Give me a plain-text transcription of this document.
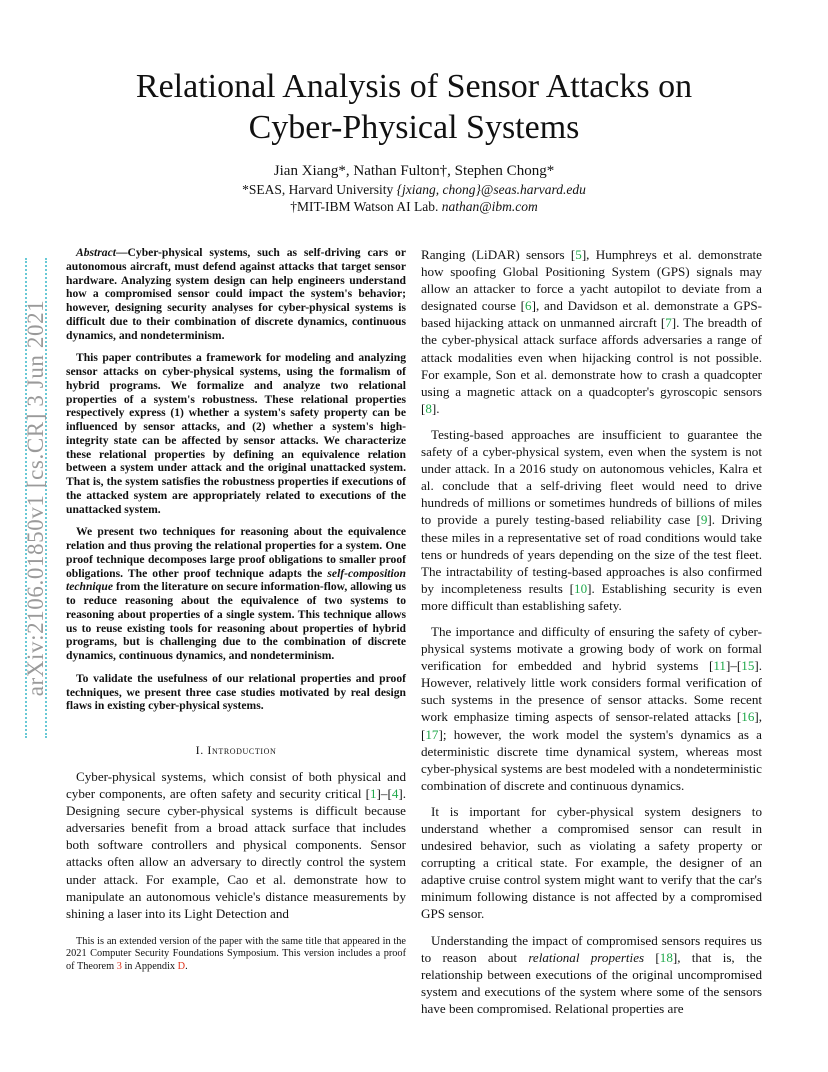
arXiv:2106.01850v1 [cs.CR] 3 Jun 2021
Relational Analysis of Sensor Attacks on
Cyber-Physical Systems
Jian Xiang*, Nathan Fulton†, Stephen Chong*
*SEAS, Harvard University {jxiang, chong}@seas.harvard.edu
†MIT-IBM Watson AI Lab. nathan@ibm.com

Abstract—Cyber-physical systems, such as self-driving cars or autonomous aircraft, must defend against attacks that target sensor hardware. Analyzing system design can help engineers understand how a compromised sensor could impact the system's behavior; however, designing security analyses for cyber-physical systems is difficult due to their combination of discrete dynamics, continuous dynamics, and nondeterminism.

This paper contributes a framework for modeling and analyzing sensor attacks on cyber-physical systems, using the formalism of hybrid programs. We formalize and analyze two relational properties of a system's robustness. These relational properties respectively express (1) whether a system's safety property can be influenced by sensor attacks, and (2) whether a system's high-integrity state can be affected by sensor attacks. We characterize these relational properties by defining an equivalence relation between a system under attack and the original unattacked system. That is, the system satisfies the robustness properties if executions of the attacked system are appropriately related to executions of the unattacked system.

We present two techniques for reasoning about the equivalence relation and thus proving the relational properties for a system. One proof technique decomposes large proof obligations to smaller proof obligations. The other proof technique adapts the self-composition technique from the literature on secure information-flow, allowing us to reduce reasoning about the equivalence of two systems to reasoning about properties of a single system. This technique allows us to reuse existing tools for reasoning about properties of hybrid programs, but is challenging due to the combination of discrete dynamics, continuous dynamics, and nondeterminism.

To validate the usefulness of our relational properties and proof techniques, we present three case studies motivated by real design flaws in existing cyber-physical systems.

I. Introduction

Cyber-physical systems, which consist of both physical and cyber components, are often safety and security critical [1]–[4]. Designing secure cyber-physical systems is difficult because adversaries benefit from a broad attack surface that includes both software controllers and physical components. Sensor attacks often allow an adversary to directly control the system under attack. For example, Cao et al. demonstrate how to manipulate an autonomous vehicle's distance measurements by shining a laser into its Light Detection and

This is an extended version of the paper with the same title that appeared in the 2021 Computer Security Foundations Symposium. This version includes a proof of Theorem 3 in Appendix D.

Ranging (LiDAR) sensors [5], Humphreys et al. demonstrate how spoofing Global Positioning System (GPS) signals may allow an attacker to force a yacht autopilot to deviate from a designated course [6], and Davidson et al. demonstrate a GPS-based hijacking attack on unmanned aircraft [7]. The breadth of the cyber-physical attack surface affords adversaries a range of attack modalities even when hijacking control is not possible. For example, Son et al. demonstrate how to crash a quadcopter using a magnetic attack on a quadcopter's gyroscopic sensors [8].

Testing-based approaches are insufficient to guarantee the safety of a cyber-physical system, even when the system is not under attack. In a 2016 study on autonomous vehicles, Kalra et al. conclude that a self-driving fleet would need to drive hundreds of millions or sometimes hundreds of billions of miles to provide a purely testing-based reliability case [9]. Driving these miles in a representative set of road conditions would take tens or hundreds of years depending on the size of the test fleet. The intractability of testing-based approaches is also confirmed by incompleteness results [10]. Establishing security is even more difficult than establishing safety.

The importance and difficulty of ensuring the safety of cyber-physical systems motivate a growing body of work on formal verification for embedded and hybrid systems [11]–[15]. However, relatively little work considers formal verification of such systems in the presence of sensor attacks. Some recent work emphasize timing aspects of sensor-related attacks [16], [17]; however, the work model the system's dynamics as a deterministic discrete time dynamical system, whereas most cyber-physical systems are best modeled with a nondeterministic combination of discrete and continuous dynamics.

It is important for cyber-physical system designers to understand whether a compromised sensor can result in undesired behavior, such as violating a safety property or corrupting a critical state. For example, the designer of an adaptive cruise control system might want to verify that the car's minimum following distance is not affected by a compromised GPS sensor.

Understanding the impact of compromised sensors requires us to reason about relational properties [18], that is, the relationship between executions of the original uncompromised system and executions of the system where some of the sensors have been compromised. Relational properties are
